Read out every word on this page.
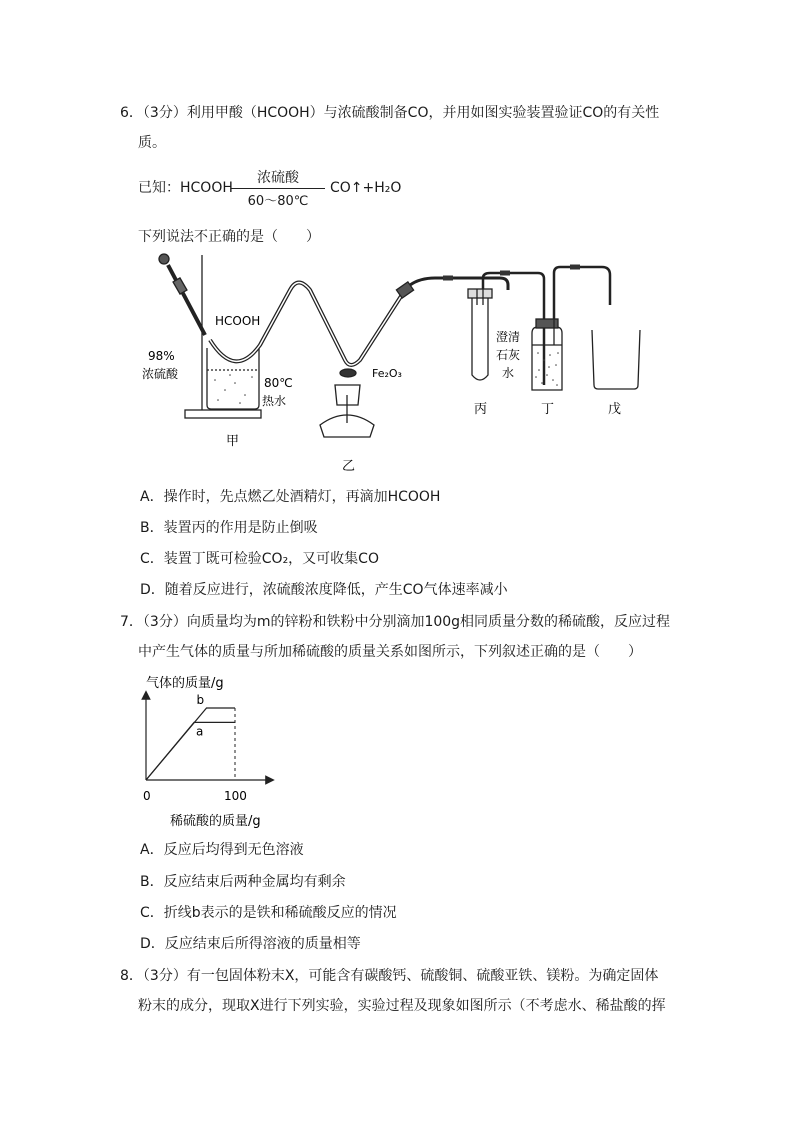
6．（3分）利用甲酸（HCOOH）与浓硫酸制备CO，并用如图实验装置验证CO的有关性
质。
已知：HCOOH
浓硫酸
60～80℃
CO↑+H₂O
下列说法不正确的是（　　）
HCOOH
98%
浓硫酸
80℃
热水
Fe₂O₃
澄清
石灰
水
甲
乙
丙	丁	戊
A．操作时，先点燃乙处酒精灯，再滴加HCOOH
B．装置丙的作用是防止倒吸
C．装置丁既可检验CO₂，又可收集CO
D．随着反应进行，浓硫酸浓度降低，产生CO气体速率减小
7．（3分）向质量均为m的锌粉和铁粉中分别滴加100g相同质量分数的稀硫酸，反应过程
中产生气体的质量与所加稀硫酸的质量关系如图所示，下列叙述正确的是（　　）
气体的质量/g
b
a
0	100
稀硫酸的质量/g
A．反应后均得到无色溶液
B．反应结束后两种金属均有剩余
C．折线b表示的是铁和稀硫酸反应的情况
D．反应结束后所得溶液的质量相等
8．（3分）有一包固体粉末X，可能含有碳酸钙、硫酸铜、硫酸亚铁、镁粉。为确定固体
粉末的成分，现取X进行下列实验，实验过程及现象如图所示（不考虑水、稀盐酸的挥
